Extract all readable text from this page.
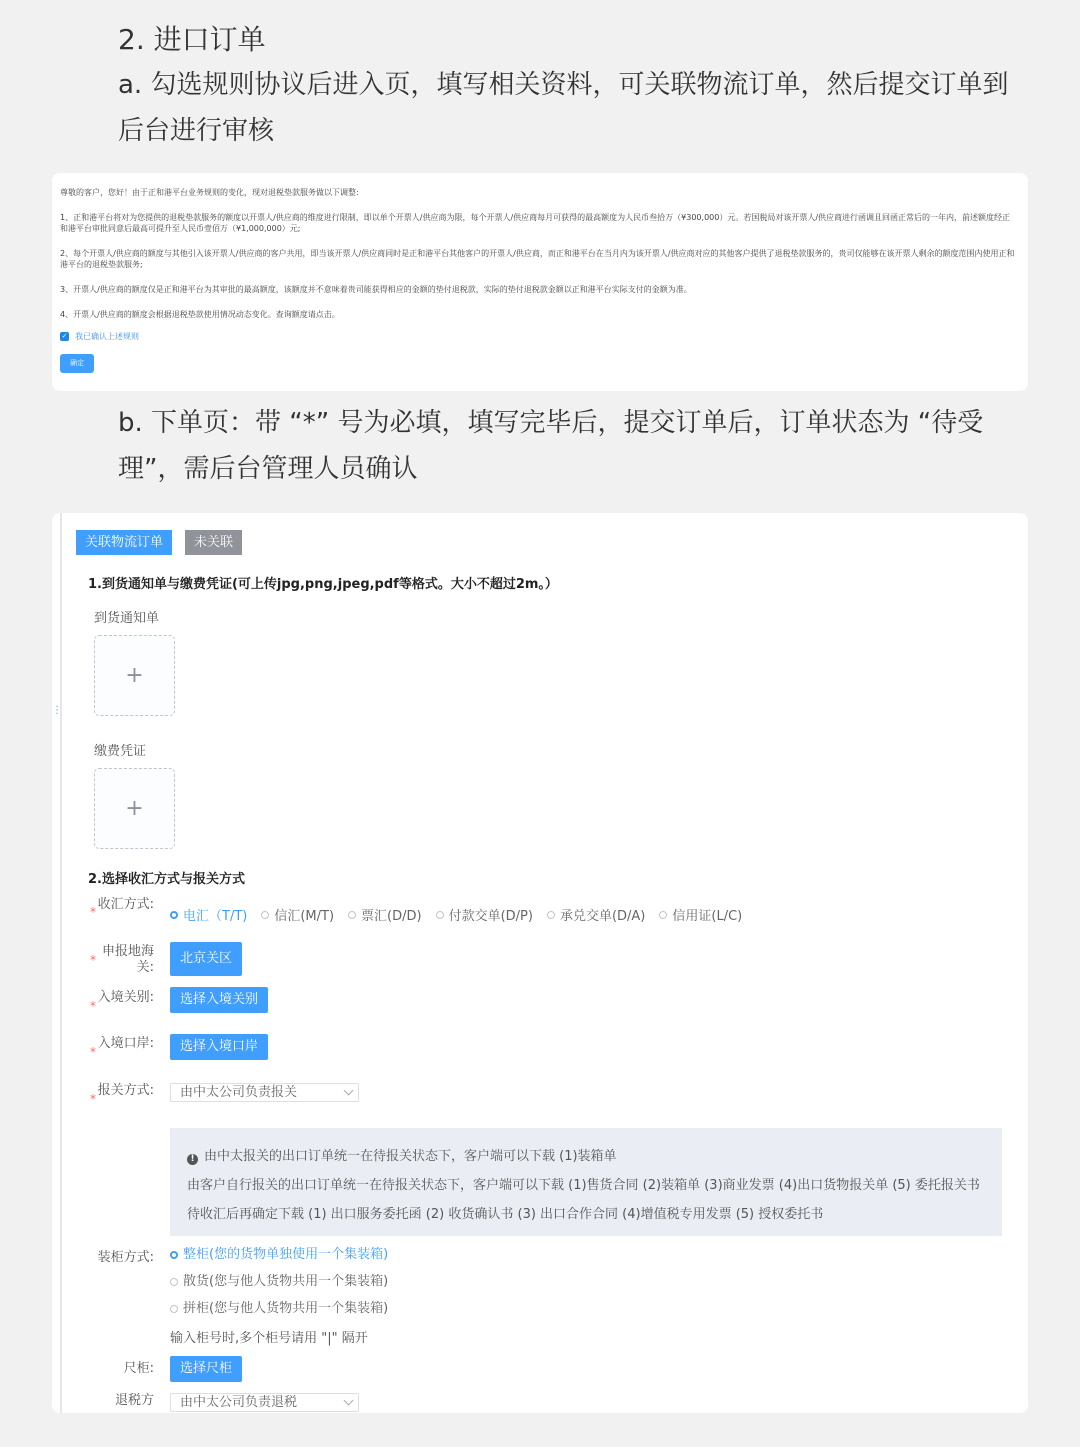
2. 进口订单
a. 勾选规则协议后进入页，填写相关资料，可关联物流订单，然后提交订单到后台进行审核

尊敬的客户，您好！由于正和港平台业务规则的变化，现对退税垫款服务做以下调整:

1、正和港平台将对为您提供的退税垫款服务的额度以开票人/供应商的维度进行限制，即以单个开票人/供应商为限，每个开票人/供应商每月可获得的最高额度为人民币叁拾万（¥300,000）元。若国税局对该开票人/供应商进行函调且回函正常后的一年内，前述额度经正和港平台审批同意后最高可提升至人民币壹佰万（¥1,000,000）元;

2、每个开票人/供应商的额度与其他引入该开票人/供应商的客户共用，即当该开票人/供应商同时是正和港平台其他客户的开票人/供应商，而正和港平台在当月内为该开票人/供应商对应的其他客户提供了退税垫款服务的，贵司仅能够在该开票人剩余的额度范围内使用正和港平台的退税垫款服务;

3、开票人/供应商的额度仅是正和港平台为其审批的最高额度，该额度并不意味着贵司能获得相应的金额的垫付退税款，实际的垫付退税款金额以正和港平台实际支付的金额为准。

4、开票人/供应商的额度会根据退税垫款使用情况动态变化。查询额度请点击。

✓ 我已确认上述规则
确定
b. 下单页：带 “*” 号为必填，填写完毕后，提交订单后，订单状态为 “待受理”，需后台管理人员确认
⋮
关联物流订单	未关联
1.到货通知单与缴费凭证(可上传jpg,png,jpeg,pdf等格式。大小不超过2m。）
到货通知单
+
缴费凭证
+
2.选择收汇方式与报关方式
* 收汇方式:
电汇（T/T) 信汇(M/T) 票汇(D/D) 付款交单(D/P) 承兑交单(D/A) 信用证(L/C)
*
申报地海关:
北京关区
*
入境关别:	选择入境关别
*
入境口岸:	选择入境口岸
*
报关方式:	由中太公司负责报关
! 由中太报关的出口订单统一在待报关状态下，客户端可以下载 (1)装箱单
由客户自行报关的出口订单统一在待报关状态下，客户端可以下载 (1)售货合同 (2)装箱单 (3)商业发票 (4)出口货物报关单 (5) 委托报关书
待收汇后再确定下载 (1) 出口服务委托函 (2) 收货确认书 (3) 出口合作合同 (4)增值税专用发票 (5) 授权委托书
装柜方式: 整柜(您的货物单独使用一个集装箱)
散货(您与他人货物共用一个集装箱)
拼柜(您与他人货物共用一个集装箱)
输入柜号时,多个柜号请用 "|" 隔开
尺柜:	选择尺柜
退税方	由中太公司负责退税
